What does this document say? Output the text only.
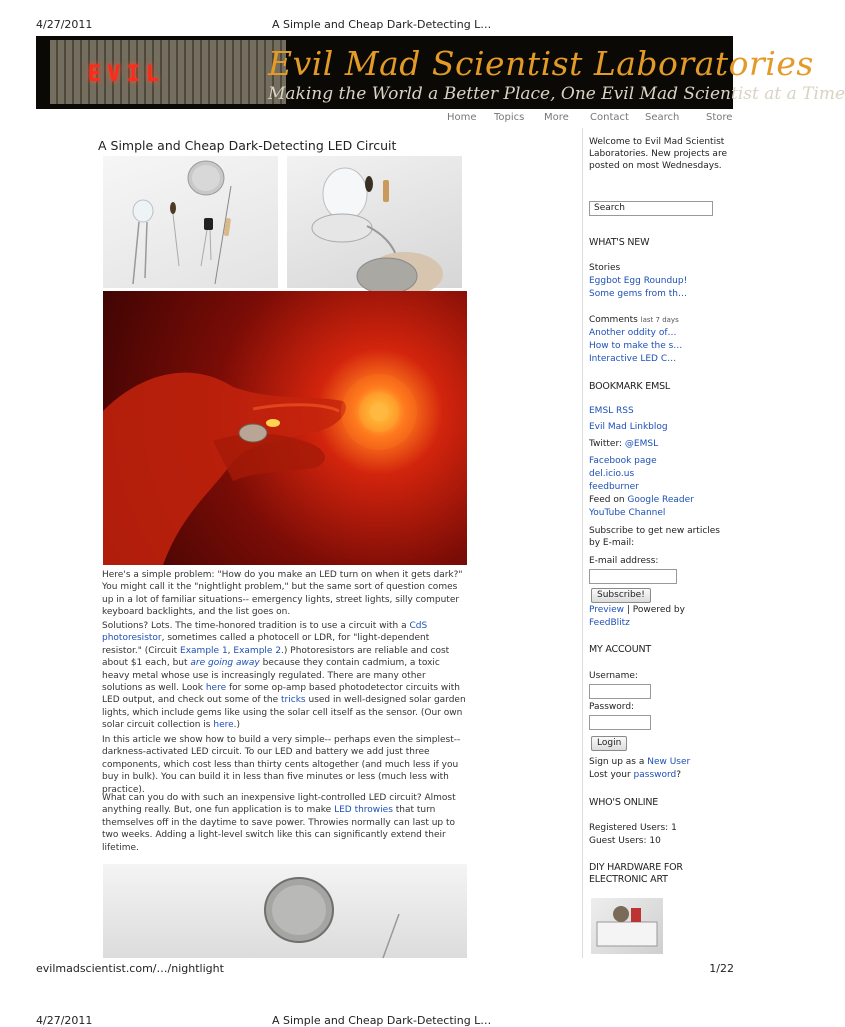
4/27/2011	A Simple and Cheap Dark-Detecting L…
EVIL	Evil Mad Scientist Laboratories
Making the World a Better Place, One Evil Mad Scientist at a Time
Home Topics More Contact Search	Store
A Simple and Cheap Dark-Detecting LED Circuit

Here's a simple problem: "How do you make an LED turn on when it gets dark?" You might call it the "nightlight problem," but the same sort of question comes up in a lot of familiar situations-- emergency lights, street lights, silly computer keyboard backlights, and the list goes on.

Solutions? Lots. The time-honored tradition is to use a circuit with a CdS photoresistor, sometimes called a photocell or LDR, for "light-dependent resistor." (Circuit Example 1, Example 2.) Photoresistors are reliable and cost about $1 each, but are going away because they contain cadmium, a toxic heavy metal whose use is increasingly regulated. There are many other solutions as well. Look here for some op-amp based photodetector circuits with LED output, and check out some of the tricks used in well-designed solar garden lights, which include gems like using the solar cell itself as the sensor. (Our own solar circuit collection is here.)

In this article we show how to build a very simple-- perhaps even the simplest-- darkness-activated LED circuit. To our LED and battery we add just three components, which cost less than thirty cents altogether (and much less if you buy in bulk). You can build it in less than five minutes or less (much less with practice).

What can you do with such an inexpensive light-controlled LED circuit? Almost anything really. But, one fun application is to make LED throwies that turn themselves off in the daytime to save power. Throwies normally can last up to two weeks. Adding a light-level switch like this can significantly extend their lifetime.

Welcome to Evil Mad Scientist Laboratories. New projects are posted on most Wednesdays.
Search
WHAT'S NEW
Stories
Eggbot Egg Roundup!
Some gems from th…
Comments last 7 days
Another oddity of…
How to make the s…
Interactive LED C…
BOOKMARK EMSL
EMSL RSS
Evil Mad Linkblog
Twitter: @EMSL
Facebook page
del.icio.us
feedburner
Feed on Google Reader
YouTube Channel
Subscribe to get new articles by E-mail:
E-mail address:
Subscribe!
Preview | Powered by
FeedBlitz
MY ACCOUNT
Username:
Password:
Login
Sign up as a New User
Lost your password?
WHO'S ONLINE
Registered Users: 1
Guest Users: 10
DIY HARDWARE FOR ELECTRONIC ART
evilmadscientist.com/…/nightlight	1/22
4/27/2011	A Simple and Cheap Dark-Detecting L…
